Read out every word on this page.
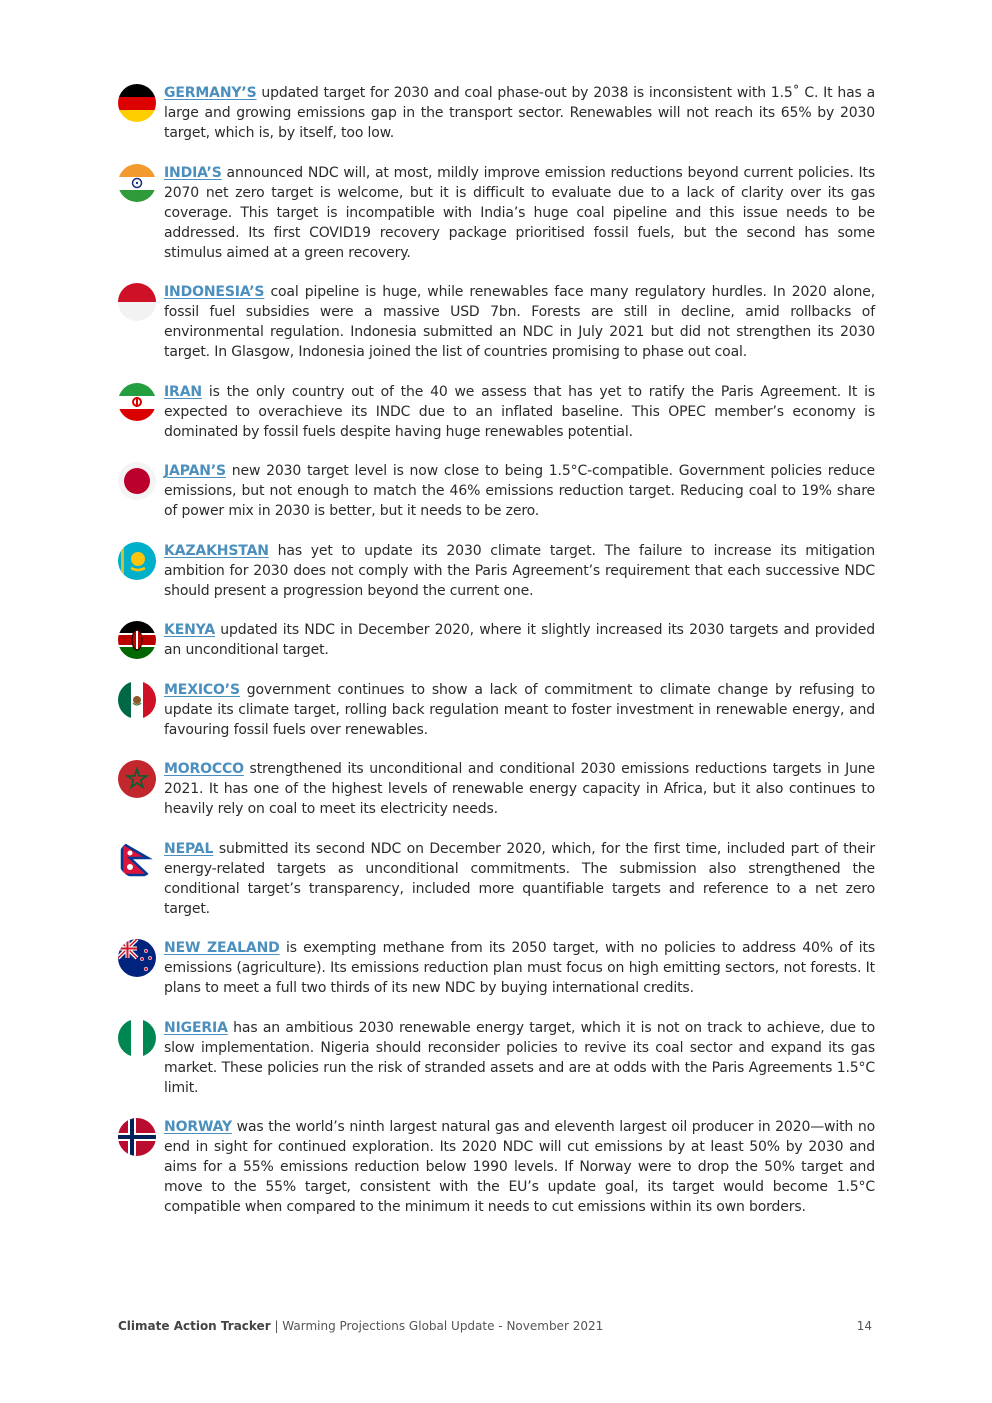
GERMANY’S updated target for 2030 and coal phase-out by 2038 is inconsistent with 1.5˚ C. It has a large and growing emissions gap in the transport sector. Renewables will not reach its 65% by 2030 target, which is, by itself, too low.

INDIA’S announced NDC will, at most, mildly improve emission reductions beyond current policies. Its 2070 net zero target is welcome, but it is difficult to evaluate due to a lack of clarity over its gas coverage. This target is incompatible with India’s huge coal pipeline and this issue needs to be addressed. Its first COVID19 recovery package prioritised fossil fuels, but the second has some stimulus aimed at a green recovery.

INDONESIA’S coal pipeline is huge, while renewables face many regulatory hurdles. In 2020 alone, fossil fuel subsidies were a massive USD 7bn. Forests are still in decline, amid rollbacks of environmental regulation. Indonesia submitted an NDC in July 2021 but did not strengthen its 2030 target. In Glasgow, Indonesia joined the list of countries promising to phase out coal.

IRAN is the only country out of the 40 we assess that has yet to ratify the Paris Agreement. It is expected to overachieve its INDC due to an inflated baseline. This OPEC member’s economy is dominated by fossil fuels despite having huge renewables potential.

JAPAN’S new 2030 target level is now close to being 1.5°C-compatible. Government policies reduce emissions, but not enough to match the 46% emissions reduction target. Reducing coal to 19% share of power mix in 2030 is better, but it needs to be zero.

KAZAKHSTAN has yet to update its 2030 climate target. The failure to increase its mitigation ambition for 2030 does not comply with the Paris Agreement’s requirement that each successive NDC should present a progression beyond the current one.

KENYA updated its NDC in December 2020, where it slightly increased its 2030 targets and provided an unconditional target.

MEXICO’S government continues to show a lack of commitment to climate change by refusing to update its climate target, rolling back regulation meant to foster investment in renewable energy, and favouring fossil fuels over renewables.

MOROCCO strengthened its unconditional and conditional 2030 emissions reductions targets in June 2021. It has one of the highest levels of renewable energy capacity in Africa, but it also continues to heavily rely on coal to meet its electricity needs.

NEPAL submitted its second NDC on December 2020, which, for the first time, included part of their energy-related targets as unconditional commitments. The submission also strengthened the conditional target’s transparency, included more quantifiable targets and reference to a net zero target.

NEW ZEALAND is exempting methane from its 2050 target, with no policies to address 40% of its emissions (agriculture). Its emissions reduction plan must focus on high emitting sectors, not forests. It plans to meet a full two thirds of its new NDC by buying international credits.

NIGERIA has an ambitious 2030 renewable energy target, which it is not on track to achieve, due to slow implementation. Nigeria should reconsider policies to revive its coal sector and expand its gas market. These policies run the risk of stranded assets and are at odds with the Paris Agreements 1.5°C limit.

NORWAY was the world’s ninth largest natural gas and eleventh largest oil producer in 2020—with no end in sight for continued exploration. Its 2020 NDC will cut emissions by at least 50% by 2030 and aims for a 55% emissions reduction below 1990 levels. If Norway were to drop the 50% target and move to the 55% target, consistent with the EU’s update goal, its target would become 1.5°C compatible when compared to the minimum it needs to cut emissions within its own borders.

Climate Action Tracker | Warming Projections Global Update - November 2021	14
